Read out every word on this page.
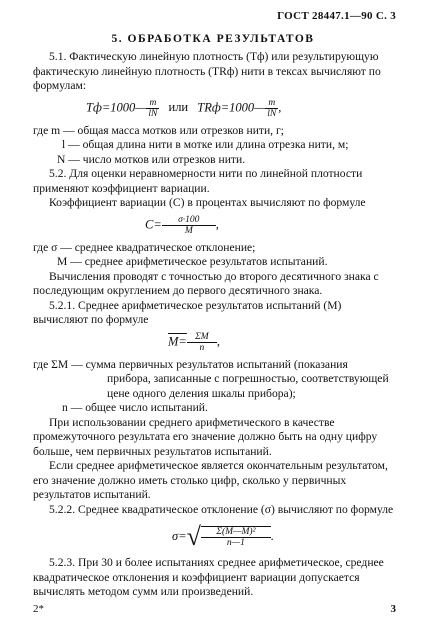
ГОСТ 28447.1—90 С. 3
5. ОБРАБОТКА РЕЗУЛЬТАТОВ
5.1. Фактическую линейную плотность (Tф) или результирующую фактическую линейную плотность (TRф) нити в тексах вычисляют по формулам:
Tф=1000— $\frac{m}{lN}$ или TRф=1000— $\frac{m}{lN}$ ,
где m — общая масса мотков или отрезков нити, г;
l — общая длина нити в мотке или длина отрезка нити, м;
N — число мотков или отрезков нити.
5.2. Для оценки неравномерности нити по линейной плотности применяют коэффициент вариации.
Коэффициент вариации (C) в процентах вычисляют по формуле
$C= \frac{\sigma\cdot 100}{M}$ ,
где σ — среднее квадратическое отклонение;
M — среднее арифметическое результатов испытаний.
Вычисления проводят с точностью до второго десятичного знака с последующим округлением до первого десятичного знака.
5.2.1. Среднее арифметическое результатов испытаний (M) вычисляют по формуле
$M= \frac{\Sigma M}{n}$ ,
где ΣM — сумма первичных результатов испытаний (показания
прибора, записанные с погрешностью, соответствующей
цене одного деления шкалы прибора);
n — общее число испытаний.
При использовании среднего арифметического в качестве промежуточного результата его значение должно быть на одну цифру больше, чем первичных результатов испытаний.
Если среднее арифметическое является окончательным результатом, его значение должно иметь столько цифр, сколько у первичных результатов испытаний.
5.2.2. Среднее квадратическое отклонение (σ) вычисляют по формуле
2*	3
$\sigma=√ \frac{\text{Σ(M—M)²}}{n—1}$ .
5.2.3. При 30 и более испытаниях среднее арифметическое, среднее квадратическое отклонения и коэффициент вариации допускается вычислять методом сумм или произведений.
